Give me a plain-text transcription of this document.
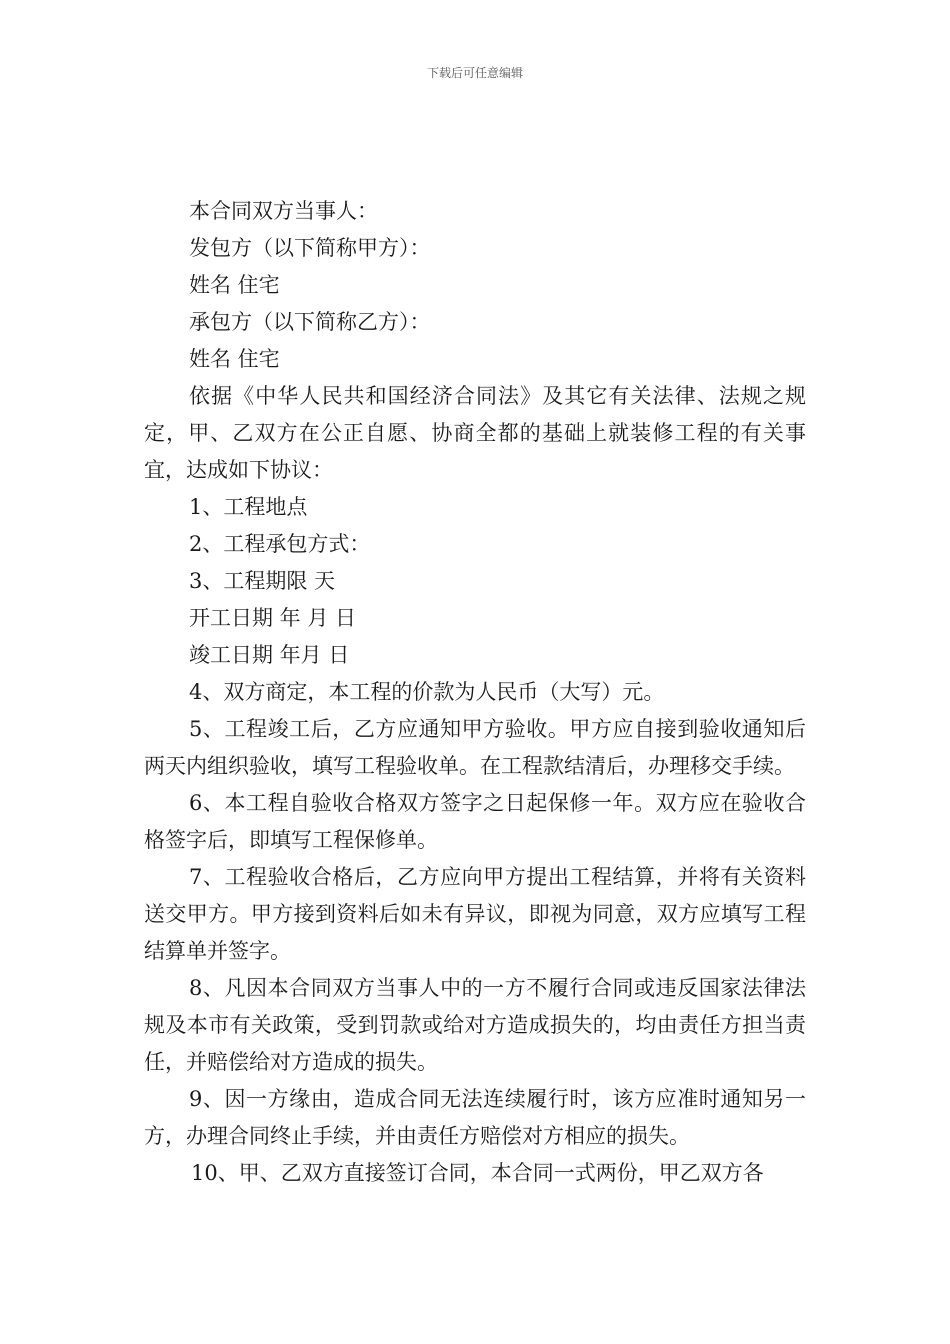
下载后可任意编辑

本合同双方当事人：

发包方（以下简称甲方）：

姓名 住宅

承包方（以下简称乙方）：

姓名 住宅

依据《中华人民共和国经济合同法》及其它有关法律、法规之规定，甲、乙双方在公正自愿、协商全都的基础上就装修工程的有关事宜，达成如下协议：

1、工程地点

2、工程承包方式：

3、工程期限 天

开工日期 年 月 日

竣工日期 年月 日

4、双方商定，本工程的价款为人民币（大写）元。

5、工程竣工后，乙方应通知甲方验收。甲方应自接到验收通知后两天内组织验收，填写工程验收单。在工程款结清后，办理移交手续。

6、本工程自验收合格双方签字之日起保修一年。双方应在验收合格签字后，即填写工程保修单。

7、工程验收合格后，乙方应向甲方提出工程结算，并将有关资料送交甲方。甲方接到资料后如未有异议，即视为同意，双方应填写工程结算单并签字。

8、凡因本合同双方当事人中的一方不履行合同或违反国家法律法规及本市有关政策，受到罚款或给对方造成损失的，均由责任方担当责任，并赔偿给对方造成的损失。

9、因一方缘由，造成合同无法连续履行时，该方应准时通知另一方，办理合同终止手续，并由责任方赔偿对方相应的损失。

10、甲、乙双方直接签订合同，本合同一式两份，甲乙双方各
